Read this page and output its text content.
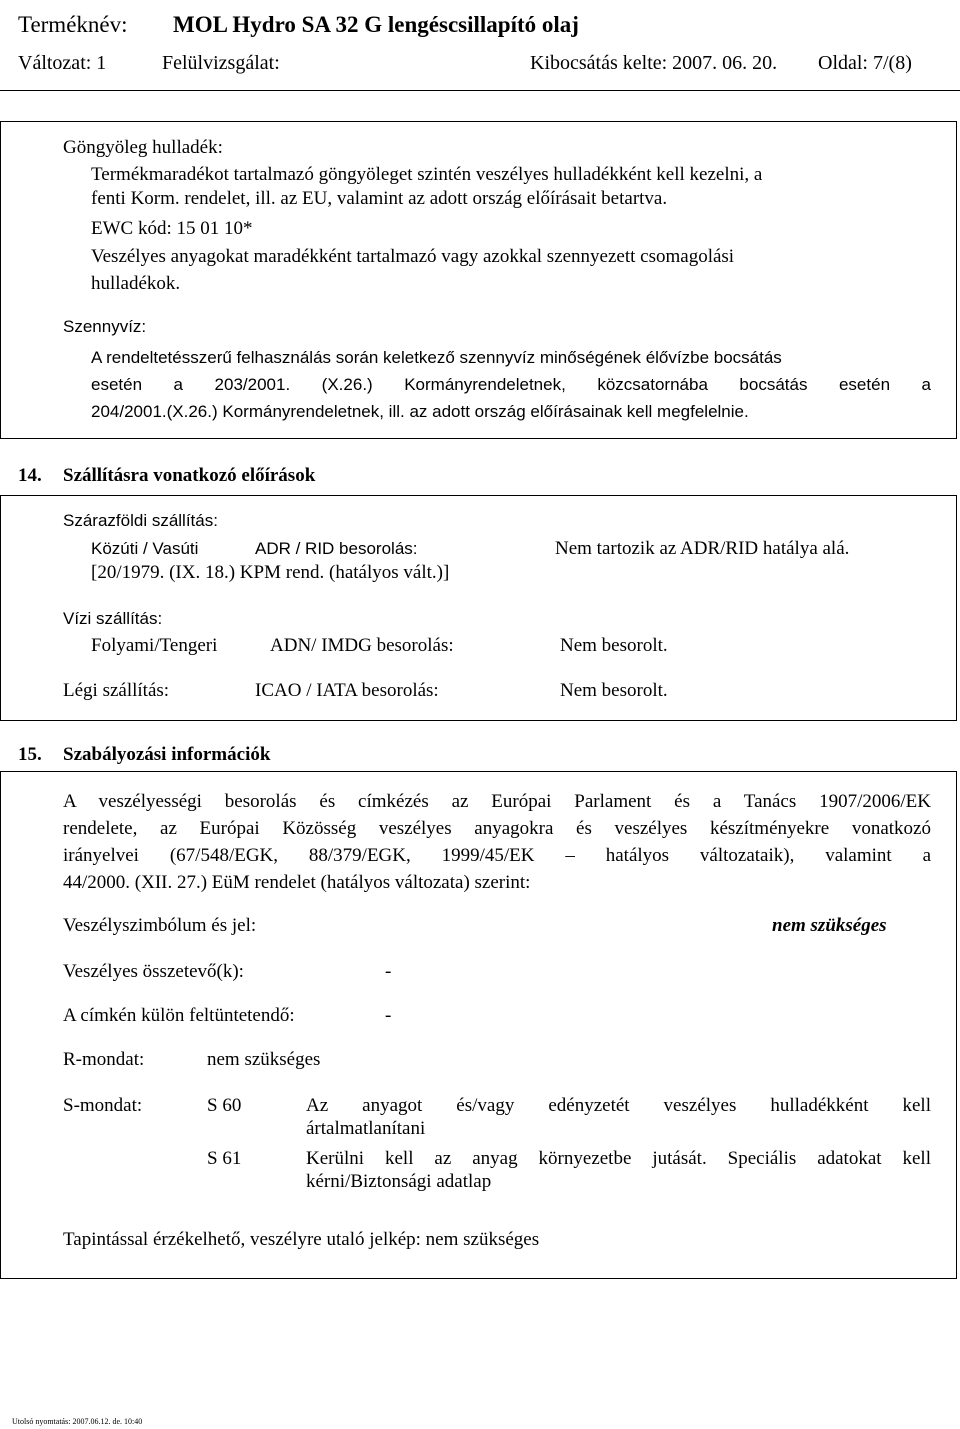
Terméknév: MOL Hydro SA 32 G lengéscsillapító olaj
Változat: 1	Felülvizsgálat:	Kibocsátás kelte: 2007. 06. 20. Oldal: 7/(8)
Göngyöleg hulladék:
Termékmaradékot tartalmazó göngyöleget szintén veszélyes hulladékként kell kezelni, a
fenti Korm. rendelet, ill. az EU, valamint az adott ország előírásait betartva.
EWC kód: 15 01 10*
Veszélyes anyagokat maradékként tartalmazó vagy azokkal szennyezett csomagolási
hulladékok.
Szennyvíz:
A rendeltetésszerű felhasználás során keletkező szennyvíz minőségének élővízbe bocsátás
esetén a 203/2001. (X.26.) Kormányrendeletnek, közcsatornába bocsátás esetén a
204/2001.(X.26.) Kormányrendeletnek, ill. az adott ország előírásainak kell megfelelnie.
14. Szállításra vonatkozó előírások
Szárazföldi szállítás:
Közúti / Vasúti	ADR / RID besorolás:	Nem tartozik az ADR/RID hatálya alá.
[20/1979. (IX. 18.) KPM rend. (hatályos vált.)]
Vízi szállítás:
Folyami/Tengeri	ADN/ IMDG besorolás:	Nem besorolt.
Légi szállítás:	ICAO / IATA besorolás:	Nem besorolt.
15. Szabályozási információk
A veszélyességi besorolás és címkézés az Európai Parlament és a Tanács 1907/2006/EK
rendelete, az Európai Közösség veszélyes anyagokra és veszélyes készítményekre vonatkozó
irányelvei (67/548/EGK, 88/379/EGK, 1999/45/EK – hatályos változataik), valamint a
44/2000. (XII. 27.) EüM rendelet (hatályos változata) szerint:
Veszélyszimbólum és jel:	nem szükséges
Veszélyes összetevő(k):	-
A címkén külön feltüntetendő:	-
R-mondat:	nem szükséges
S-mondat:	S 60	Az anyagot és/vagy edényzetét veszélyes hulladékként kell
ártalmatlanítani
S 61	Kerülni kell az anyag környezetbe jutását. Speciális adatokat kell
kérni/Biztonsági adatlap
Tapintással érzékelhető, veszélyre utaló jelkép: nem szükséges
Utolsó nyomtatás: 2007.06.12. de. 10:40
